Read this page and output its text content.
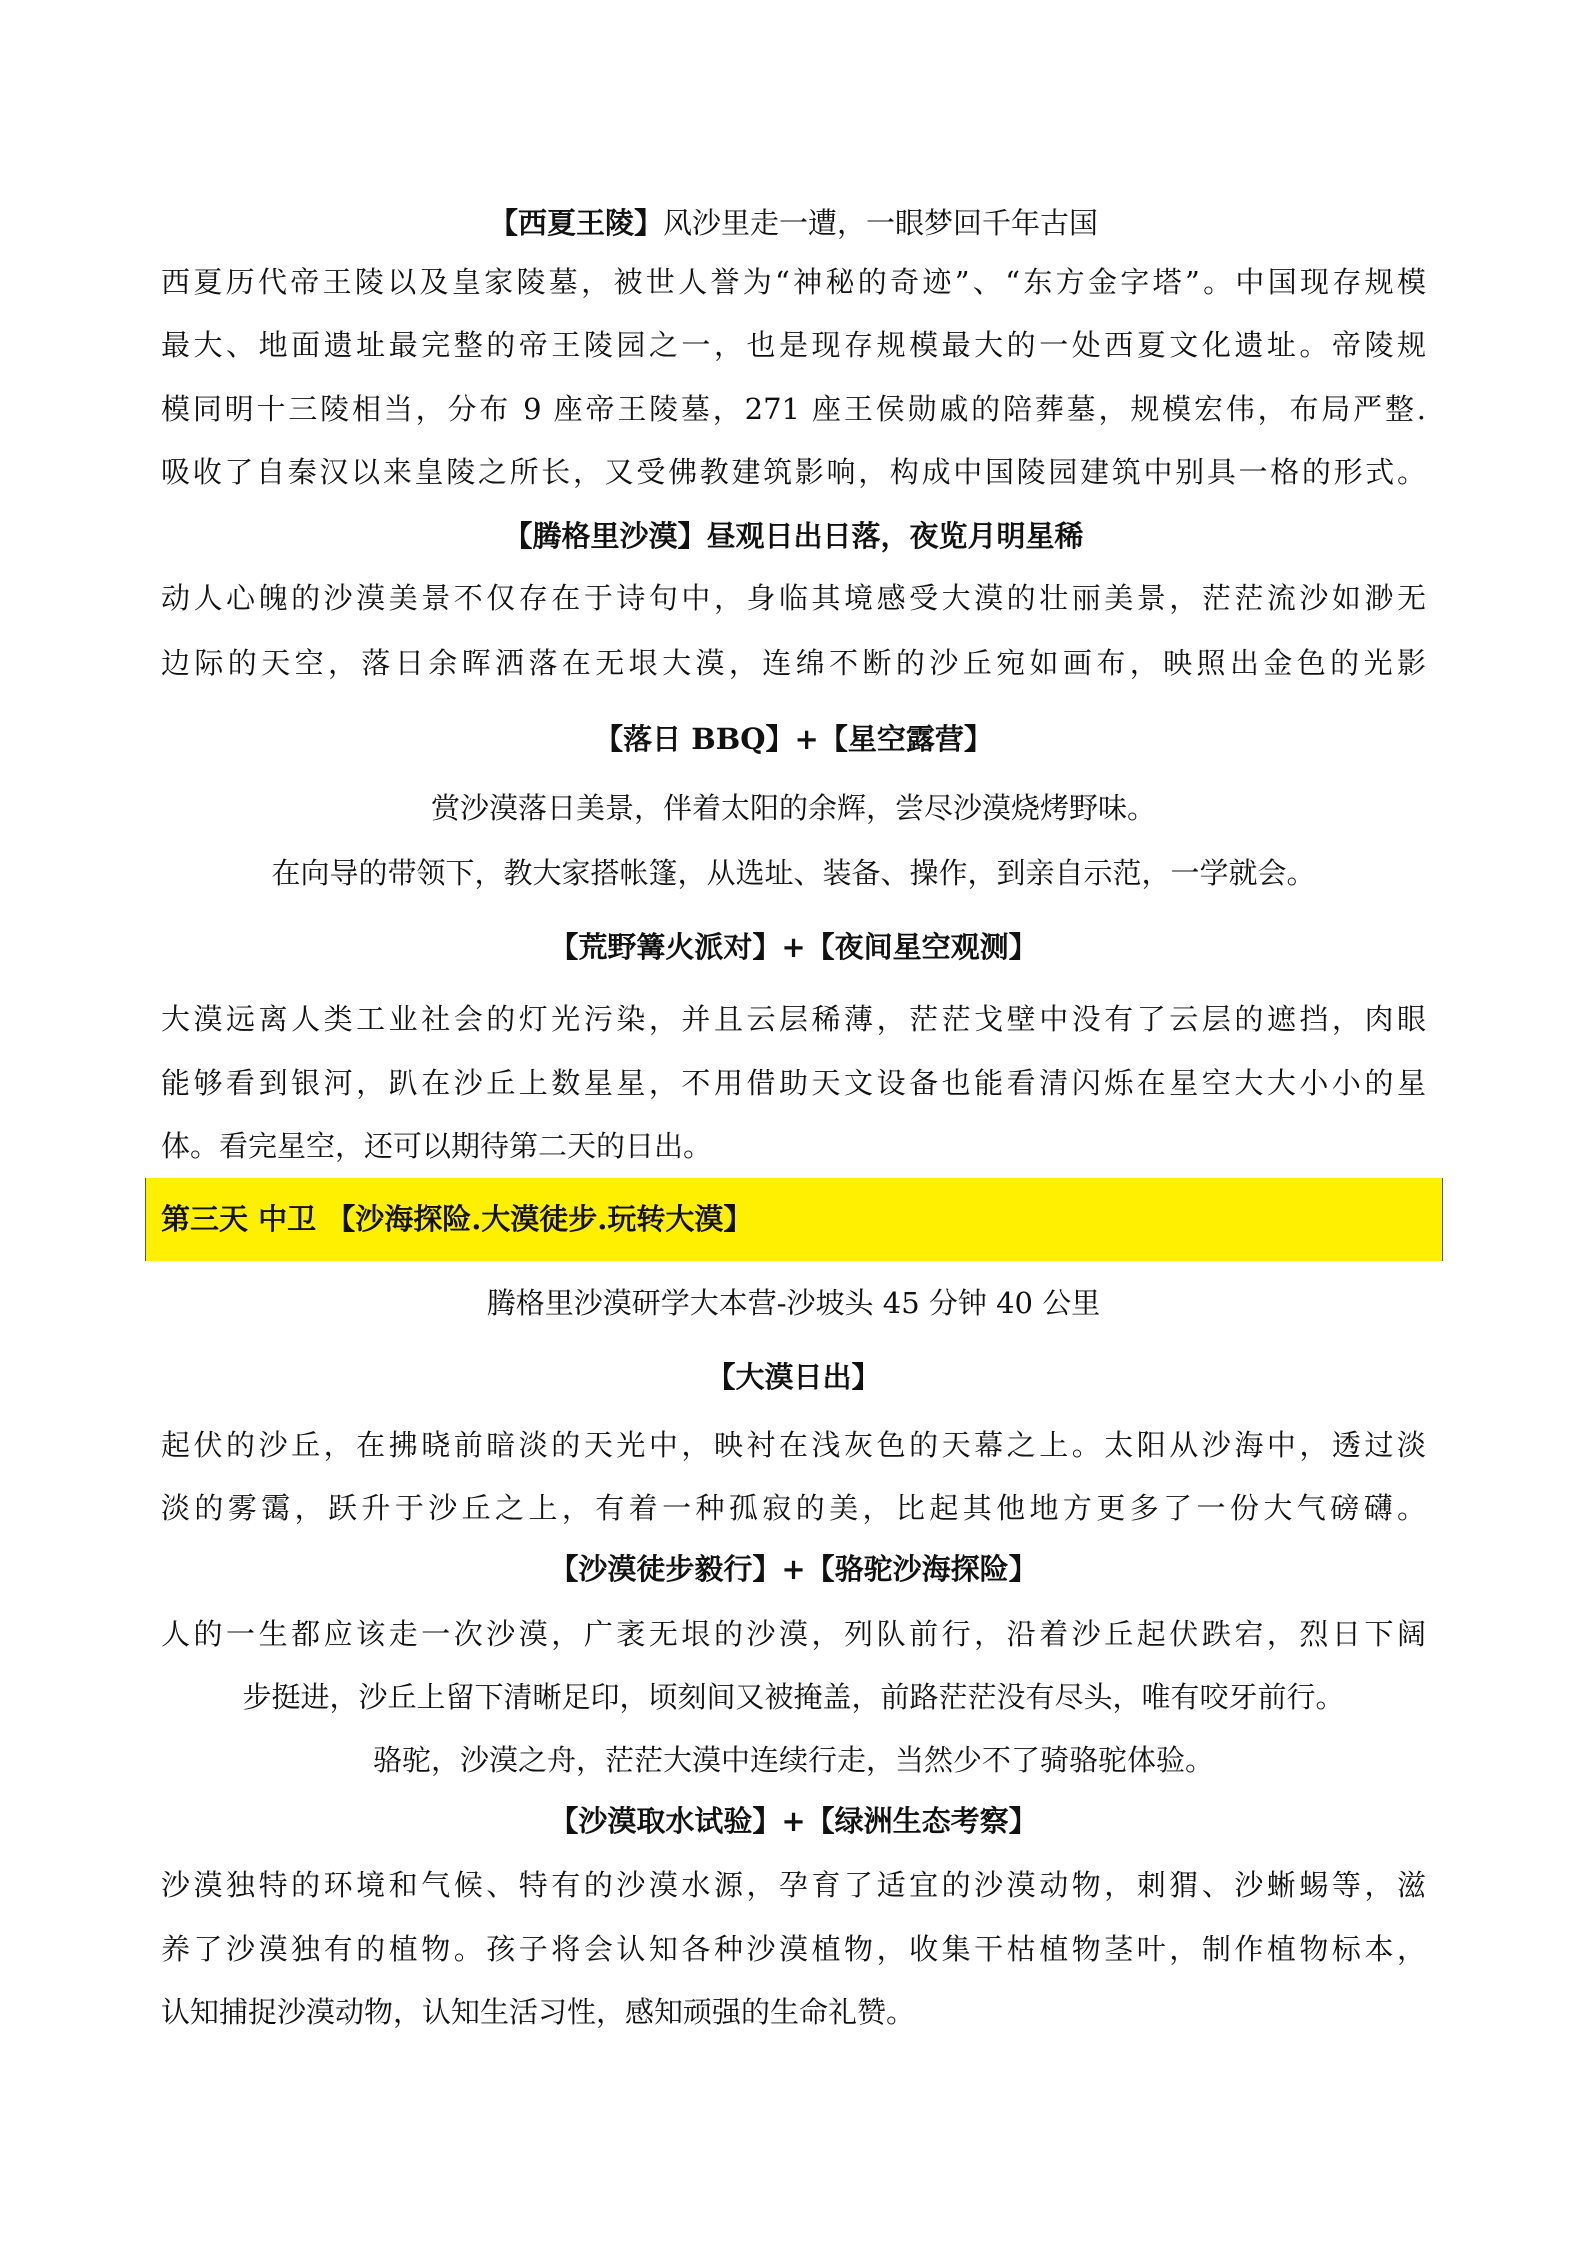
【西夏王陵】风沙里走一遭，一眼梦回千年古国
西夏历代帝王陵以及皇家陵墓，被世人誉为“神秘的奇迹”、“东方金字塔”。中国现存规模
最大、地面遗址最完整的帝王陵园之一，也是现存规模最大的一处西夏文化遗址。帝陵规
模同明十三陵相当，分布 9 座帝王陵墓，271 座王侯勋戚的陪葬墓，规模宏伟，布局严整.
吸收了自秦汉以来皇陵之所长，又受佛教建筑影响，构成中国陵园建筑中别具一格的形式。
【腾格里沙漠】昼观日出日落，夜览月明星稀
动人心魄的沙漠美景不仅存在于诗句中，身临其境感受大漠的壮丽美景，茫茫流沙如渺无
边际的天空，落日余晖洒落在无垠大漠，连绵不断的沙丘宛如画布，映照出金色的光影
【落日 BBQ】+【星空露营】
赏沙漠落日美景，伴着太阳的余辉，尝尽沙漠烧烤野味。
在向导的带领下，教大家搭帐篷，从选址、装备、操作，到亲自示范，一学就会。
【荒野篝火派对】+【夜间星空观测】
大漠远离人类工业社会的灯光污染，并且云层稀薄，茫茫戈壁中没有了云层的遮挡，肉眼
能够看到银河，趴在沙丘上数星星，不用借助天文设备也能看清闪烁在星空大大小小的星
体。看完星空，还可以期待第二天的日出。
第三天 中卫 【沙海探险.大漠徒步.玩转大漠】
腾格里沙漠研学大本营-沙坡头 45 分钟 40 公里
【大漠日出】
起伏的沙丘，在拂晓前暗淡的天光中，映衬在浅灰色的天幕之上。太阳从沙海中，透过淡
淡的雾霭，跃升于沙丘之上，有着一种孤寂的美，比起其他地方更多了一份大气磅礴。
【沙漠徒步毅行】+【骆驼沙海探险】
人的一生都应该走一次沙漠，广袤无垠的沙漠，列队前行，沿着沙丘起伏跌宕，烈日下阔
步挺进，沙丘上留下清晰足印，顷刻间又被掩盖，前路茫茫没有尽头，唯有咬牙前行。
骆驼，沙漠之舟，茫茫大漠中连续行走，当然少不了骑骆驼体验。
【沙漠取水试验】+【绿洲生态考察】
沙漠独特的环境和气候、特有的沙漠水源，孕育了适宜的沙漠动物，刺猬、沙蜥蜴等，滋
养了沙漠独有的植物。孩子将会认知各种沙漠植物，收集干枯植物茎叶，制作植物标本，
认知捕捉沙漠动物，认知生活习性，感知顽强的生命礼赞。
